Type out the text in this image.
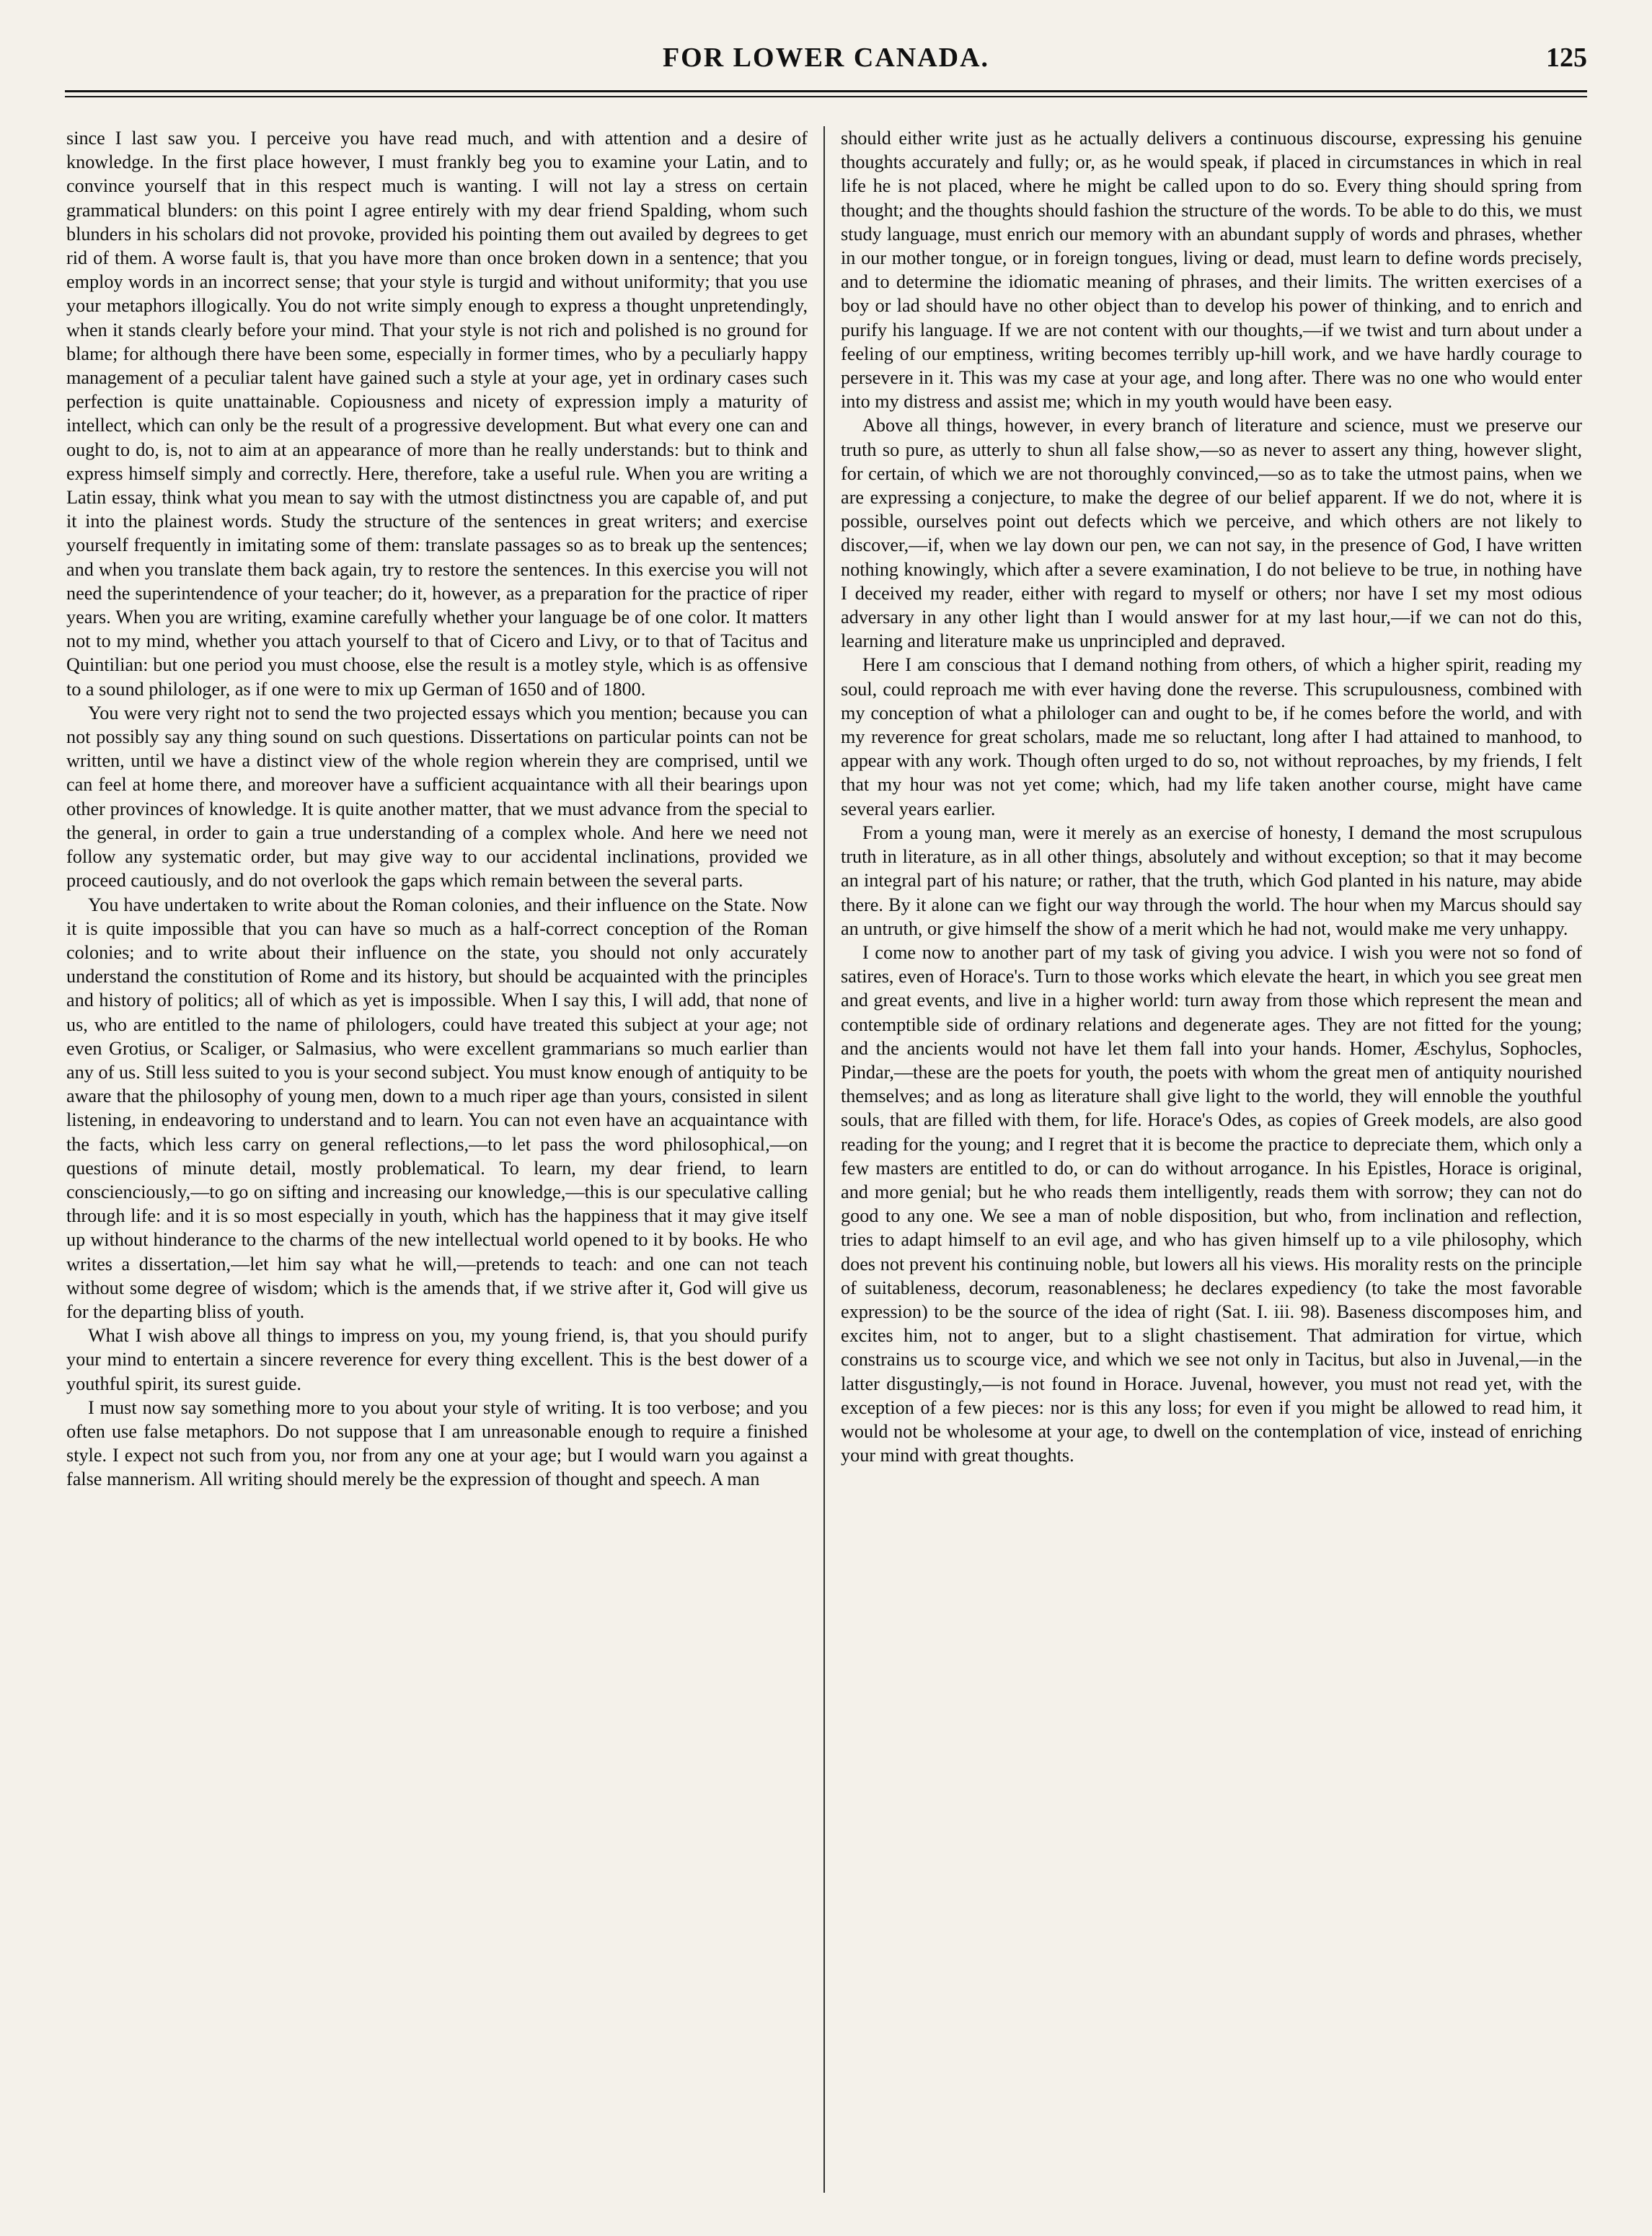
FOR LOWER CANADA.	125

since I last saw you. I perceive you have read much, and with attention and a desire of knowledge. In the first place however, I must frankly beg you to examine your Latin, and to convince yourself that in this respect much is wanting. I will not lay a stress on certain grammatical blunders: on this point I agree entirely with my dear friend Spalding, whom such blunders in his scholars did not provoke, provided his pointing them out availed by degrees to get rid of them. A worse fault is, that you have more than once broken down in a sentence; that you employ words in an incorrect sense; that your style is turgid and without uniformity; that you use your metaphors illogically. You do not write simply enough to express a thought unpretendingly, when it stands clearly before your mind. That your style is not rich and polished is no ground for blame; for although there have been some, especially in former times, who by a peculiarly happy management of a peculiar talent have gained such a style at your age, yet in ordinary cases such perfection is quite unattainable. Copiousness and nicety of expression imply a maturity of intellect, which can only be the result of a progressive development. But what every one can and ought to do, is, not to aim at an appearance of more than he really understands: but to think and express himself simply and correctly. Here, therefore, take a useful rule. When you are writing a Latin essay, think what you mean to say with the utmost distinctness you are capable of, and put it into the plainest words. Study the structure of the sentences in great writers; and exercise yourself frequently in imitating some of them: translate passages so as to break up the sentences; and when you translate them back again, try to restore the sentences. In this exercise you will not need the superintendence of your teacher; do it, however, as a preparation for the practice of riper years. When you are writing, examine carefully whether your language be of one color. It matters not to my mind, whether you attach yourself to that of Cicero and Livy, or to that of Tacitus and Quintilian: but one period you must choose, else the result is a motley style, which is as offensive to a sound philologer, as if one were to mix up German of 1650 and of 1800.

You were very right not to send the two projected essays which you mention; because you can not possibly say any thing sound on such questions. Dissertations on particular points can not be written, until we have a distinct view of the whole region wherein they are comprised, until we can feel at home there, and moreover have a sufficient acquaintance with all their bearings upon other provinces of knowledge. It is quite another matter, that we must advance from the special to the general, in order to gain a true understanding of a complex whole. And here we need not follow any systematic order, but may give way to our accidental inclinations, provided we proceed cautiously, and do not overlook the gaps which remain between the several parts.

You have undertaken to write about the Roman colonies, and their influence on the State. Now it is quite impossible that you can have so much as a half-correct conception of the Roman colonies; and to write about their influence on the state, you should not only accurately understand the constitution of Rome and its history, but should be acquainted with the principles and history of politics; all of which as yet is impossible. When I say this, I will add, that none of us, who are entitled to the name of philologers, could have treated this subject at your age; not even Grotius, or Scaliger, or Salmasius, who were excellent grammarians so much earlier than any of us. Still less suited to you is your second subject. You must know enough of antiquity to be aware that the philosophy of young men, down to a much riper age than yours, consisted in silent listening, in endeavoring to understand and to learn. You can not even have an acquaintance with the facts, which less carry on general reflections,—to let pass the word philosophical,—on questions of minute detail, mostly problematical. To learn, my dear friend, to learn conscienciously,—to go on sifting and increasing our knowledge,—this is our speculative calling through life: and it is so most especially in youth, which has the happiness that it may give itself up without hinderance to the charms of the new intellectual world opened to it by books. He who writes a dissertation,—let him say what he will,—pretends to teach: and one can not teach without some degree of wisdom; which is the amends that, if we strive after it, God will give us for the departing bliss of youth.

What I wish above all things to impress on you, my young friend, is, that you should purify your mind to entertain a sincere reverence for every thing excellent. This is the best dower of a youthful spirit, its surest guide.

I must now say something more to you about your style of writing. It is too verbose; and you often use false metaphors. Do not suppose that I am unreasonable enough to require a finished style. I expect not such from you, nor from any one at your age; but I would warn you against a false mannerism. All writing should merely be the expression of thought and speech. A man

should either write just as he actually delivers a continuous discourse, expressing his genuine thoughts accurately and fully; or, as he would speak, if placed in circumstances in which in real life he is not placed, where he might be called upon to do so. Every thing should spring from thought; and the thoughts should fashion the structure of the words. To be able to do this, we must study language, must enrich our memory with an abundant supply of words and phrases, whether in our mother tongue, or in foreign tongues, living or dead, must learn to define words precisely, and to determine the idiomatic meaning of phrases, and their limits. The written exercises of a boy or lad should have no other object than to develop his power of thinking, and to enrich and purify his language. If we are not content with our thoughts,—if we twist and turn about under a feeling of our emptiness, writing becomes terribly up-hill work, and we have hardly courage to persevere in it. This was my case at your age, and long after. There was no one who would enter into my distress and assist me; which in my youth would have been easy.

Above all things, however, in every branch of literature and science, must we preserve our truth so pure, as utterly to shun all false show,—so as never to assert any thing, however slight, for certain, of which we are not thoroughly convinced,—so as to take the utmost pains, when we are expressing a conjecture, to make the degree of our belief apparent. If we do not, where it is possible, ourselves point out defects which we perceive, and which others are not likely to discover,—if, when we lay down our pen, we can not say, in the presence of God, I have written nothing knowingly, which after a severe examination, I do not believe to be true, in nothing have I deceived my reader, either with regard to myself or others; nor have I set my most odious adversary in any other light than I would answer for at my last hour,—if we can not do this, learning and literature make us unprincipled and depraved.

Here I am conscious that I demand nothing from others, of which a higher spirit, reading my soul, could reproach me with ever having done the reverse. This scrupulousness, combined with my conception of what a philologer can and ought to be, if he comes before the world, and with my reverence for great scholars, made me so reluctant, long after I had attained to manhood, to appear with any work. Though often urged to do so, not without reproaches, by my friends, I felt that my hour was not yet come; which, had my life taken another course, might have came several years earlier.

From a young man, were it merely as an exercise of honesty, I demand the most scrupulous truth in literature, as in all other things, absolutely and without exception; so that it may become an integral part of his nature; or rather, that the truth, which God planted in his nature, may abide there. By it alone can we fight our way through the world. The hour when my Marcus should say an untruth, or give himself the show of a merit which he had not, would make me very unhappy.

I come now to another part of my task of giving you advice. I wish you were not so fond of satires, even of Horace's. Turn to those works which elevate the heart, in which you see great men and great events, and live in a higher world: turn away from those which represent the mean and contemptible side of ordinary relations and degenerate ages. They are not fitted for the young; and the ancients would not have let them fall into your hands. Homer, Æschylus, Sophocles, Pindar,—these are the poets for youth, the poets with whom the great men of antiquity nourished themselves; and as long as literature shall give light to the world, they will ennoble the youthful souls, that are filled with them, for life. Horace's Odes, as copies of Greek models, are also good reading for the young; and I regret that it is become the practice to depreciate them, which only a few masters are entitled to do, or can do without arrogance. In his Epistles, Horace is original, and more genial; but he who reads them intelligently, reads them with sorrow; they can not do good to any one. We see a man of noble disposition, but who, from inclination and reflection, tries to adapt himself to an evil age, and who has given himself up to a vile philosophy, which does not prevent his continuing noble, but lowers all his views. His morality rests on the principle of suitableness, decorum, reasonableness; he declares expediency (to take the most favorable expression) to be the source of the idea of right (Sat. I. iii. 98). Baseness discomposes him, and excites him, not to anger, but to a slight chastisement. That admiration for virtue, which constrains us to scourge vice, and which we see not only in Tacitus, but also in Juvenal,—in the latter disgustingly,—is not found in Horace. Juvenal, however, you must not read yet, with the exception of a few pieces: nor is this any loss; for even if you might be allowed to read him, it would not be wholesome at your age, to dwell on the contemplation of vice, instead of enriching your mind with great thoughts.
